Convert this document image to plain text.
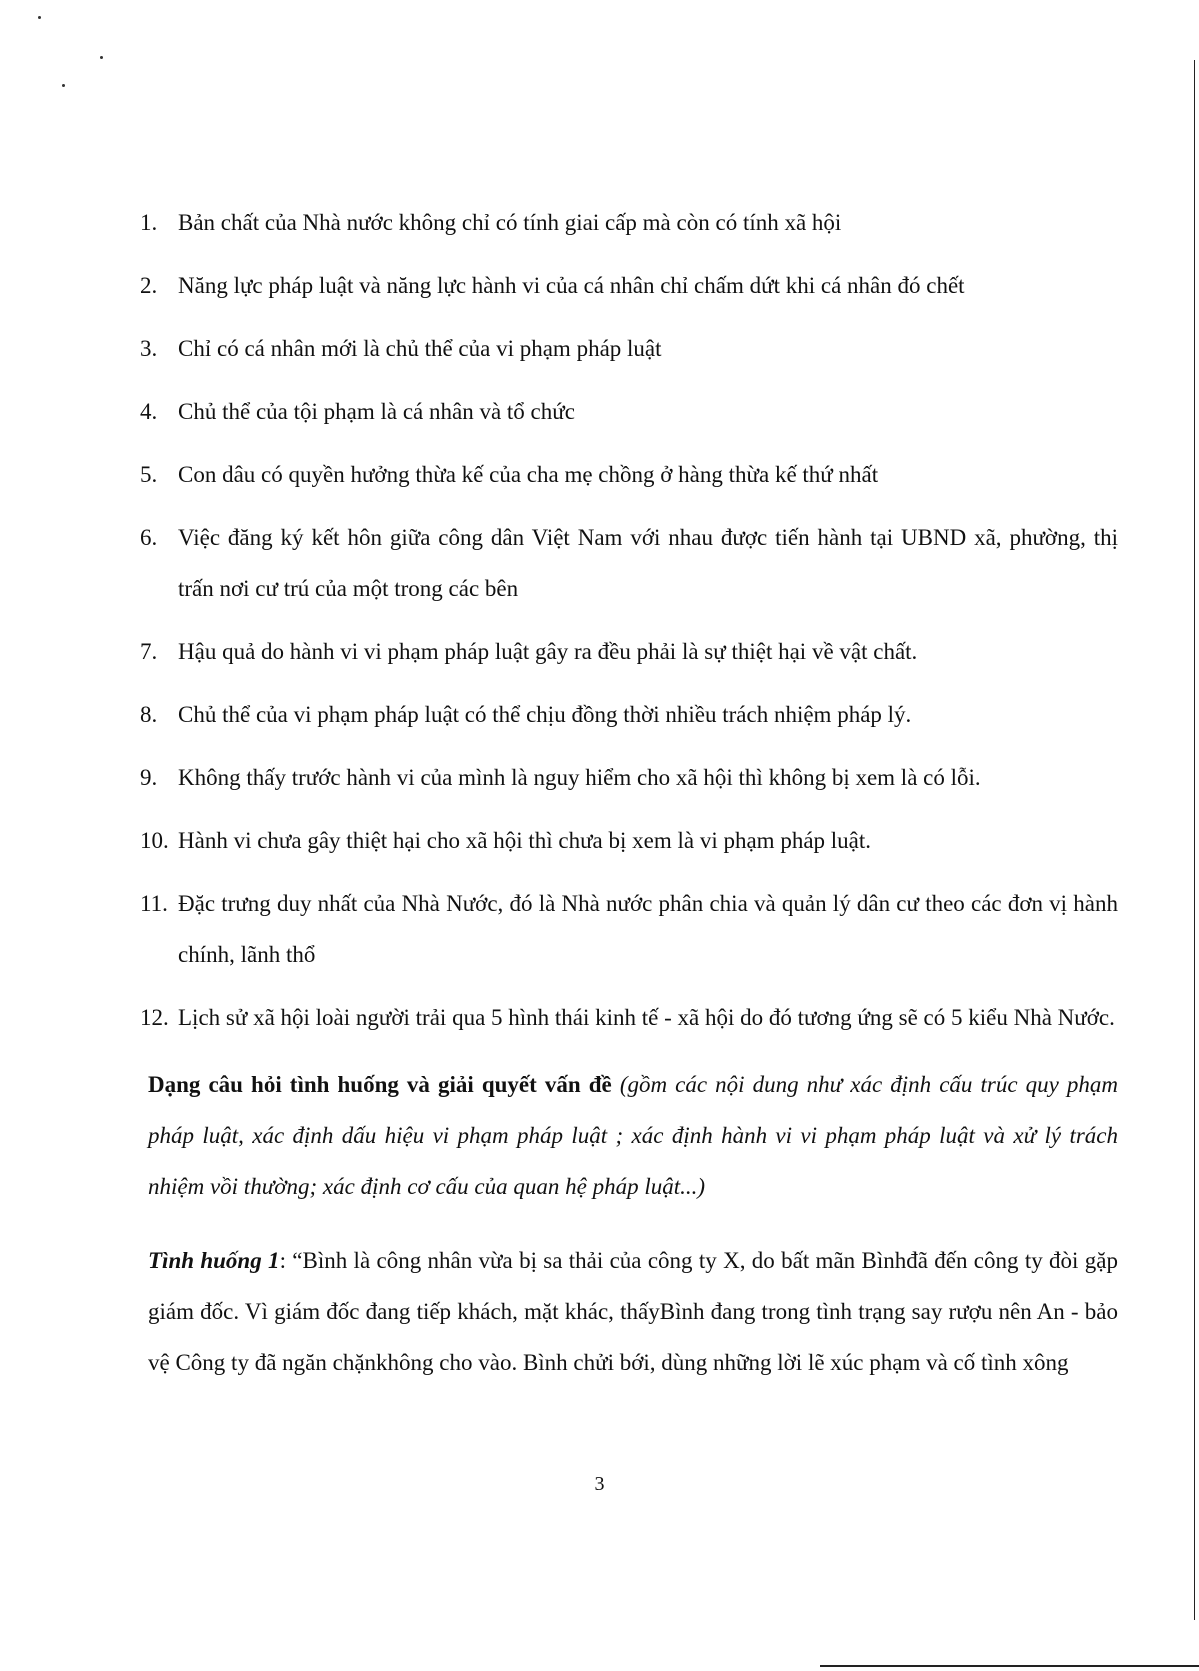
1. Bản chất của Nhà nước không chỉ có tính giai cấp mà còn có tính xã hội
2. Năng lực pháp luật và năng lực hành vi của cá nhân chỉ chấm dứt khi cá nhân đó chết
3. Chỉ có cá nhân mới là chủ thể của vi phạm pháp luật
4. Chủ thể của tội phạm là cá nhân và tổ chức
5. Con dâu có quyền hưởng thừa kế của cha mẹ chồng ở hàng thừa kế thứ nhất
6. Việc đăng ký kết hôn giữa công dân Việt Nam với nhau được tiến hành tại UBND xã, phường, thị trấn nơi cư trú của một trong các bên
7. Hậu quả do hành vi vi phạm pháp luật gây ra đều phải là sự thiệt hại về vật chất.
8. Chủ thể của vi phạm pháp luật có thể chịu đồng thời nhiều trách nhiệm pháp lý.
9. Không thấy trước hành vi của mình là nguy hiểm cho xã hội thì không bị xem là có lỗi.
10. Hành vi chưa gây thiệt hại cho xã hội thì chưa bị xem là vi phạm pháp luật.
11. Đặc trưng duy nhất của Nhà Nước, đó là Nhà nước phân chia và quản lý dân cư theo các đơn vị hành chính, lãnh thổ
12. Lịch sử xã hội loài người trải qua 5 hình thái kinh tế - xã hội do đó tương ứng sẽ có 5 kiểu Nhà Nước.

Dạng câu hỏi tình huống và giải quyết vấn đề (gồm các nội dung như xác định cấu trúc quy phạm pháp luật, xác định dấu hiệu vi phạm pháp luật ; xác định hành vi vi phạm pháp luật và xử lý trách nhiệm vồi thường; xác định cơ cấu của quan hệ pháp luật...)

Tình huống 1: “Bình là công nhân vừa bị sa thải của công ty X, do bất mãn Bìnhđã đến công ty đòi gặp giám đốc. Vì giám đốc đang tiếp khách, mặt khác, thấyBình đang trong tình trạng say rượu nên An - bảo vệ Công ty đã ngăn chặnkhông cho vào. Bình chửi bới, dùng những lời lẽ xúc phạm và cố tình xông

3
